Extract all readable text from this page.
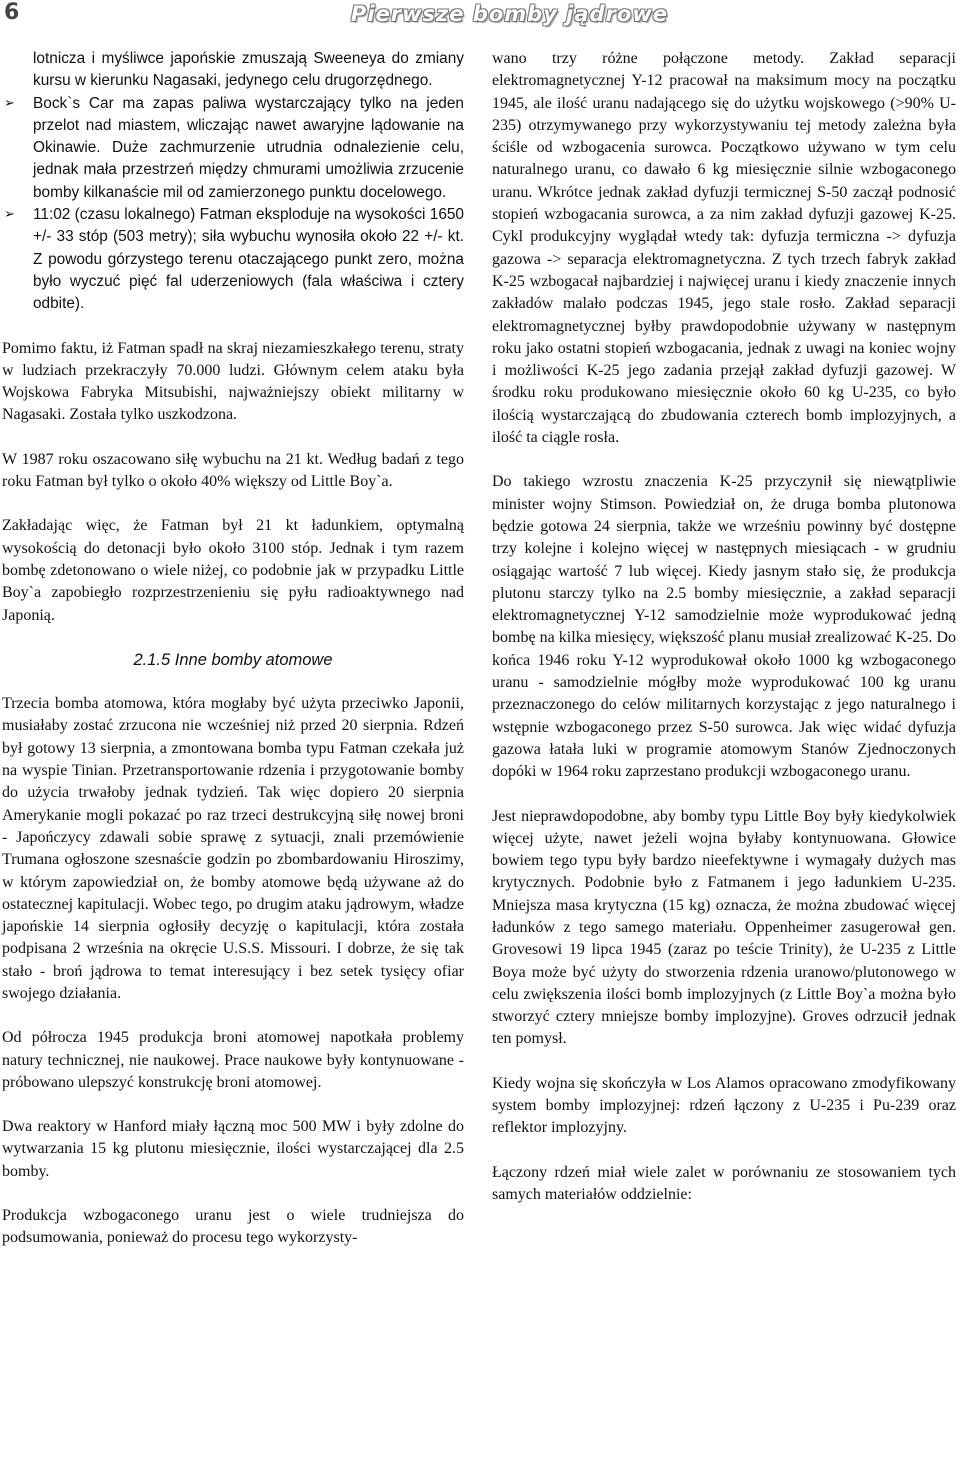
6	Pierwsze bomby jądrowe

lotnicza i myśliwce japońskie zmuszają Sweeneya do zmiany kursu w kierunku Nagasaki, jedynego celu drugorzędnego.

➢ Bock`s Car ma zapas paliwa wystarczający tylko na jeden przelot nad miastem, wliczając nawet awaryjne lądowanie na Okinawie. Duże zachmurzenie utrudnia odnalezienie celu, jednak mała przestrzeń między chmurami umożliwia zrzucenie bomby kilkanaście mil od zamierzonego punktu docelowego.
➢ 11:02 (czasu lokalnego) Fatman eksploduje na wysokości 1650 +/- 33 stóp (503 metry); siła wybuchu wynosiła około 22 +/- kt. Z powodu górzystego terenu otaczającego punkt zero, można było wyczuć pięć fal uderzeniowych (fala właściwa i cztery odbite).

Pomimo faktu, iż Fatman spadł na skraj niezamieszkałego terenu, straty w ludziach przekraczyły 70.000 ludzi. Głównym celem ataku była Wojskowa Fabryka Mitsubishi, najważniejszy obiekt militarny w Nagasaki. Została tylko uszkodzona.

W 1987 roku oszacowano siłę wybuchu na 21 kt. Według badań z tego roku Fatman był tylko o około 40% większy od Little Boy`a.

Zakładając więc, że Fatman był 21 kt ładunkiem, optymalną wysokością do detonacji było około 3100 stóp. Jednak i tym razem bombę zdetonowano o wiele niżej, co podobnie jak w przypadku Little Boy`a zapobiegło rozprzestrzenieniu się pyłu radioaktywnego nad Japonią.

2.1.5 Inne bomby atomowe

Trzecia bomba atomowa, która mogłaby być użyta przeciwko Japonii, musiałaby zostać zrzucona nie wcześniej niż przed 20 sierpnia. Rdzeń był gotowy 13 sierpnia, a zmontowana bomba typu Fatman czekała już na wyspie Tinian. Przetransportowanie rdzenia i przygotowanie bomby do użycia trwałoby jednak tydzień. Tak więc dopiero 20 sierpnia Amerykanie mogli pokazać po raz trzeci destrukcyjną siłę nowej broni - Japończycy zdawali sobie sprawę z sytuacji, znali przemówienie Trumana ogłoszone szesnaście godzin po zbombardowaniu Hiroszimy, w którym zapowiedział on, że bomby atomowe będą używane aż do ostatecznej kapitulacji. Wobec tego, po drugim ataku jądrowym, władze japońskie 14 sierpnia ogłosiły decyzję o kapitulacji, która została podpisana 2 września na okręcie U.S.S. Missouri. I dobrze, że się tak stało - broń jądrowa to temat interesujący i bez setek tysięcy ofiar swojego działania.

Od półrocza 1945 produkcja broni atomowej napotkała problemy natury technicznej, nie naukowej. Prace naukowe były kontynuowane - próbowano ulepszyć konstrukcję broni atomowej.

Dwa reaktory w Hanford miały łączną moc 500 MW i były zdolne do wytwarzania 15 kg plutonu miesięcznie, ilości wystarczającej dla 2.5 bomby.

Produkcja wzbogaconego uranu jest o wiele trudniejsza do podsumowania, ponieważ do procesu tego wykorzysty-

wano trzy różne połączone metody. Zakład separacji elektromagnetycznej Y-12 pracował na maksimum mocy na początku 1945, ale ilość uranu nadającego się do użytku wojskowego (>90% U-235) otrzymywanego przy wykorzystywaniu tej metody zależna była ściśle od wzbogacenia surowca. Początkowo używano w tym celu naturalnego uranu, co dawało 6 kg miesięcznie silnie wzbogaconego uranu. Wkrótce jednak zakład dyfuzji termicznej S-50 zaczął podnosić stopień wzbogacania surowca, a za nim zakład dyfuzji gazowej K-25. Cykl produkcyjny wyglądał wtedy tak: dyfuzja termiczna -> dyfuzja gazowa -> separacja elektromagnetyczna. Z tych trzech fabryk zakład K-25 wzbogacał najbardziej i najwięcej uranu i kiedy znaczenie innych zakładów malało podczas 1945, jego stale rosło. Zakład separacji elektromagnetycznej byłby prawdopodobnie używany w następnym roku jako ostatni stopień wzbogacania, jednak z uwagi na koniec wojny i możliwości K-25 jego zadania przejął zakład dyfuzji gazowej. W środku roku produkowano miesięcznie około 60 kg U-235, co było ilością wystarczającą do zbudowania czterech bomb implozyjnych, a ilość ta ciągle rosła.

Do takiego wzrostu znaczenia K-25 przyczynił się niewątpliwie minister wojny Stimson. Powiedział on, że druga bomba plutonowa będzie gotowa 24 sierpnia, także we wrześniu powinny być dostępne trzy kolejne i kolejno więcej w następnych miesiącach - w grudniu osiągając wartość 7 lub więcej. Kiedy jasnym stało się, że produkcja plutonu starczy tylko na 2.5 bomby miesięcznie, a zakład separacji elektromagnetycznej Y-12 samodzielnie może wyprodukować jedną bombę na kilka miesięcy, większość planu musiał zrealizować K-25. Do końca 1946 roku Y-12 wyprodukował około 1000 kg wzbogaconego uranu - samodzielnie mógłby może wyprodukować 100 kg uranu przeznaczonego do celów militarnych korzystając z jego naturalnego i wstępnie wzbogaconego przez S-50 surowca. Jak więc widać dyfuzja gazowa łatała luki w programie atomowym Stanów Zjednoczonych dopóki w 1964 roku zaprzestano produkcji wzbogaconego uranu.

Jest nieprawdopodobne, aby bomby typu Little Boy były kiedykolwiek więcej użyte, nawet jeżeli wojna byłaby kontynuowana. Głowice bowiem tego typu były bardzo nieefektywne i wymagały dużych mas krytycznych. Podobnie było z Fatmanem i jego ładunkiem U-235. Mniejsza masa krytyczna (15 kg) oznacza, że można zbudować więcej ładunków z tego samego materiału. Oppenheimer zasugerował gen. Grovesowi 19 lipca 1945 (zaraz po teście Trinity), że U-235 z Little Boya może być użyty do stworzenia rdzenia uranowo/plutonowego w celu zwiększenia ilości bomb implozyjnych (z Little Boy`a można było stworzyć cztery mniejsze bomby implozyjne). Groves odrzucił jednak ten pomysł.

Kiedy wojna się skończyła w Los Alamos opracowano zmodyfikowany system bomby implozyjnej: rdzeń łączony z U-235 i Pu-239 oraz reflektor implozyjny.

Łączony rdzeń miał wiele zalet w porównaniu ze stosowaniem tych samych materiałów oddzielnie:
